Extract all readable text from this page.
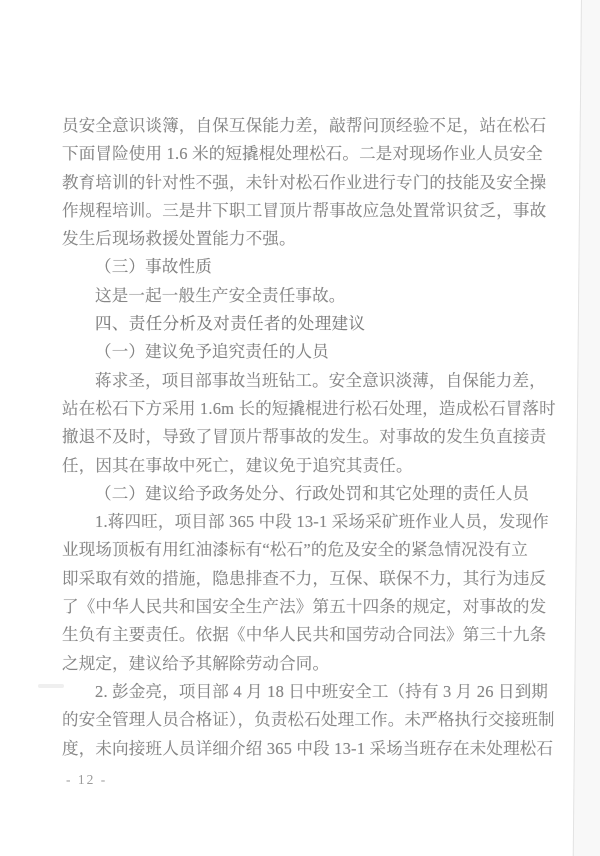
员安全意识谈簿，自保互保能力差，敲帮问顶经验不足，站在松石
下面冒险使用 1.6 米的短撬棍处理松石。二是对现场作业人员安全
教育培训的针对性不强，未针对松石作业进行专门的技能及安全操
作规程培训。三是井下职工冒顶片帮事故应急处置常识贫乏，事故
发生后现场救援处置能力不强。
（三）事故性质
这是一起一般生产安全责任事故。
四、责任分析及对责任者的处理建议
（一）建议免予追究责任的人员
蒋求圣，项目部事故当班钻工。安全意识淡薄，自保能力差，
站在松石下方采用 1.6m 长的短撬棍进行松石处理，造成松石冒落时
撤退不及时，导致了冒顶片帮事故的发生。对事故的发生负直接责
任，因其在事故中死亡，建议免于追究其责任。
（二）建议给予政务处分、行政处罚和其它处理的责任人员
1.蒋四旺，项目部 365 中段 13-1 采场采矿班作业人员，发现作
业现场顶板有用红油漆标有“松石”的危及安全的紧急情况没有立
即采取有效的措施，隐患排查不力，互保、联保不力，其行为违反
了《中华人民共和国安全生产法》第五十四条的规定，对事故的发
生负有主要责任。依据《中华人民共和国劳动合同法》第三十九条
之规定，建议给予其解除劳动合同。
2. 彭金亮，项目部 4 月 18 日中班安全工（持有 3 月 26 日到期
的安全管理人员合格证），负责松石处理工作。未严格执行交接班制
度，未向接班人员详细介绍 365 中段 13-1 采场当班存在未处理松石
- 12 -
